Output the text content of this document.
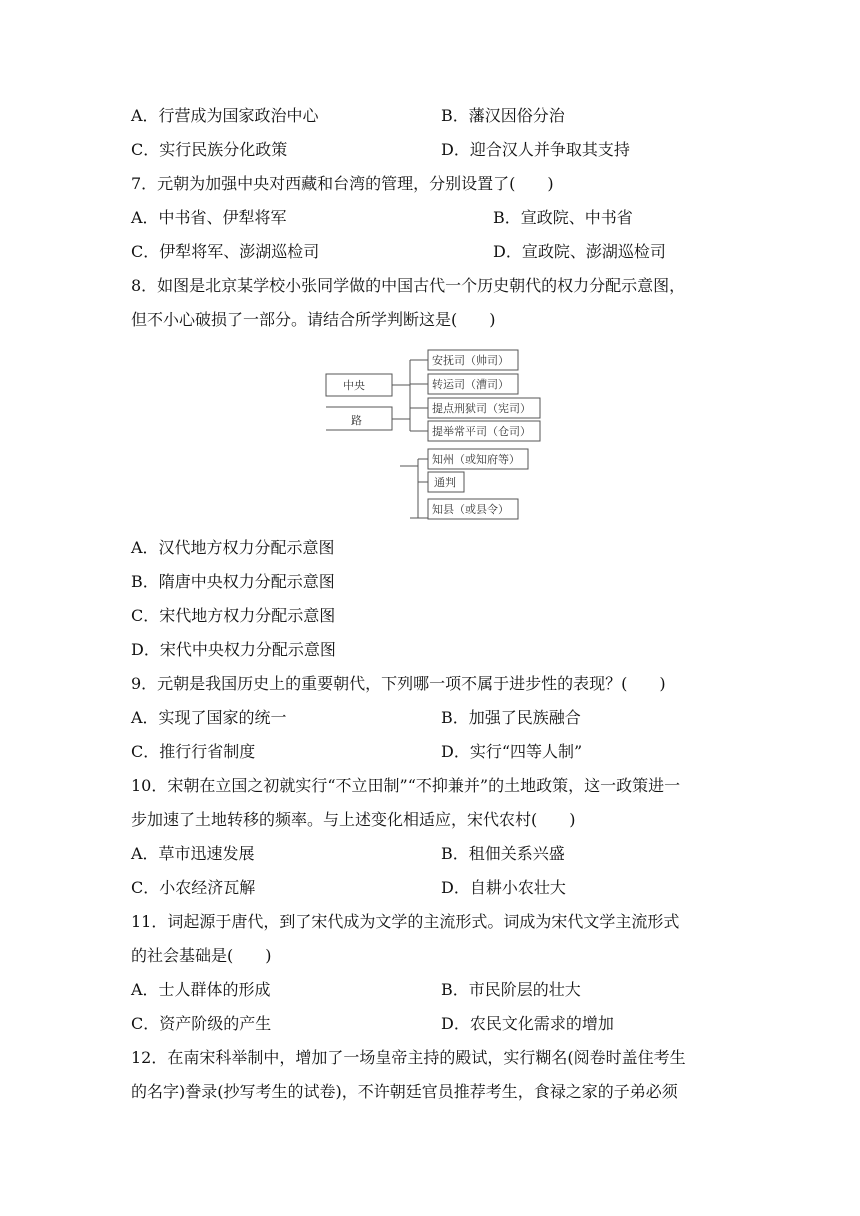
A．行营成为国家政治中心	B．藩汉因俗分治
C．实行民族分化政策	D．迎合汉人并争取其支持
7．元朝为加强中央对西藏和台湾的管理，分别设置了(　　)
A．中书省、伊犁将军	B．宣政院、中书省
C．伊犁将军、澎湖巡检司	D．宣政院、澎湖巡检司
8．如图是北京某学校小张同学做的中国古代一个历史朝代的权力分配示意图，
但不小心破损了一部分。请结合所学判断这是(　　)
中央
路
安抚司（帅司）
转运司（漕司）
提点刑狱司（宪司）
提举常平司（仓司）
知州（或知府等）
通判
知县（或县令）
A．汉代地方权力分配示意图
B．隋唐中央权力分配示意图
C．宋代地方权力分配示意图
D．宋代中央权力分配示意图
9．元朝是我国历史上的重要朝代，下列哪一项不属于进步性的表现？(　　)
A．实现了国家的统一	B．加强了民族融合
C．推行行省制度	D．实行“四等人制”
10．宋朝在立国之初就实行“不立田制”“不抑兼并”的土地政策，这一政策进一
步加速了土地转移的频率。与上述变化相适应，宋代农村(　　)
A．草市迅速发展	B．租佃关系兴盛
C．小农经济瓦解	D．自耕小农壮大
11．词起源于唐代，到了宋代成为文学的主流形式。词成为宋代文学主流形式
的社会基础是(　　)
A．士人群体的形成	B．市民阶层的壮大
C．资产阶级的产生	D．农民文化需求的增加
12．在南宋科举制中，增加了一场皇帝主持的殿试，实行糊名(阅卷时盖住考生
的名字)誊录(抄写考生的试卷)，不许朝廷官员推荐考生，食禄之家的子弟必须
